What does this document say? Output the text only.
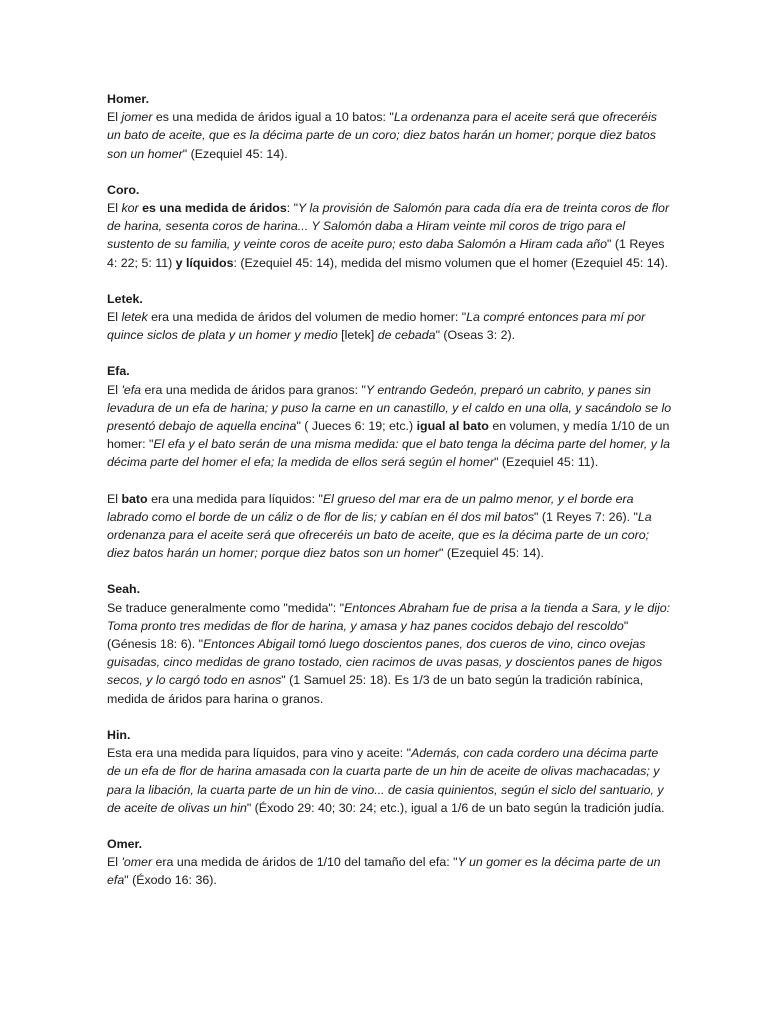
Homer.

El jomer es una medida de áridos igual a 10 batos: "La ordenanza para el aceite será que ofreceréis un bato de aceite, que es la décima parte de un coro; diez batos harán un homer; porque diez batos son un homer" (Ezequiel 45: 14).

Coro.

El kor es una medida de áridos: "Y la provisión de Salomón para cada día era de treinta coros de flor de harina, sesenta coros de harina... Y Salomón daba a Hiram veinte mil coros de trigo para el sustento de su familia, y veinte coros de aceite puro; esto daba Salomón a Hiram cada año" (1 Reyes 4: 22; 5: 11) y líquidos: (Ezequiel 45: 14), medida del mismo volumen que el homer (Ezequiel 45: 14).

Letek.

El letek era una medida de áridos del volumen de medio homer: "La compré entonces para mí por quince siclos de plata y un homer y medio [letek] de cebada" (Oseas 3: 2).

Efa.

El 'efa era una medida de áridos para granos: "Y entrando Gedeón, preparó un cabrito, y panes sin levadura de un efa de harina; y puso la carne en un canastillo, y el caldo en una olla, y sacándolo se lo presentó debajo de aquella encina" ( Jueces 6: 19; etc.) igual al bato en volumen, y medía 1/10 de un homer: "El efa y el bato serán de una misma medida: que el bato tenga la décima parte del homer, y la décima parte del homer el efa; la medida de ellos será según el homer" (Ezequiel 45: 11).

El bato era una medida para líquidos: "El grueso del mar era de un palmo menor, y el borde era labrado como el borde de un cáliz o de flor de lis; y cabían en él dos mil batos" (1 Reyes 7: 26). "La ordenanza para el aceite será que ofreceréis un bato de aceite, que es la décima parte de un coro; diez batos harán un homer; porque diez batos son un homer" (Ezequiel 45: 14).

Seah.

Se traduce generalmente como "medida": "Entonces Abraham fue de prisa a la tienda a Sara, y le dijo: Toma pronto tres medidas de flor de harina, y amasa y haz panes cocidos debajo del rescoldo" (Génesis 18: 6). "Entonces Abigail tomó luego doscientos panes, dos cueros de vino, cinco ovejas guisadas, cinco medidas de grano tostado, cien racimos de uvas pasas, y doscientos panes de higos secos, y lo cargó todo en asnos" (1 Samuel 25: 18). Es 1/3 de un bato según la tradición rabínica, medida de áridos para harina o granos.

Hin.

Esta era una medida para líquidos, para vino y aceite: "Además, con cada cordero una décima parte de un efa de flor de harina amasada con la cuarta parte de un hin de aceite de olivas machacadas; y para la libación, la cuarta parte de un hin de vino... de casia quinientos, según el siclo del santuario, y de aceite de olivas un hin" (Éxodo 29: 40; 30: 24; etc.), igual a 1/6 de un bato según la tradición judía.

Omer.

El 'omer era una medida de áridos de 1/10 del tamaño del efa: "Y un gomer es la décima parte de un efa" (Éxodo 16: 36).
